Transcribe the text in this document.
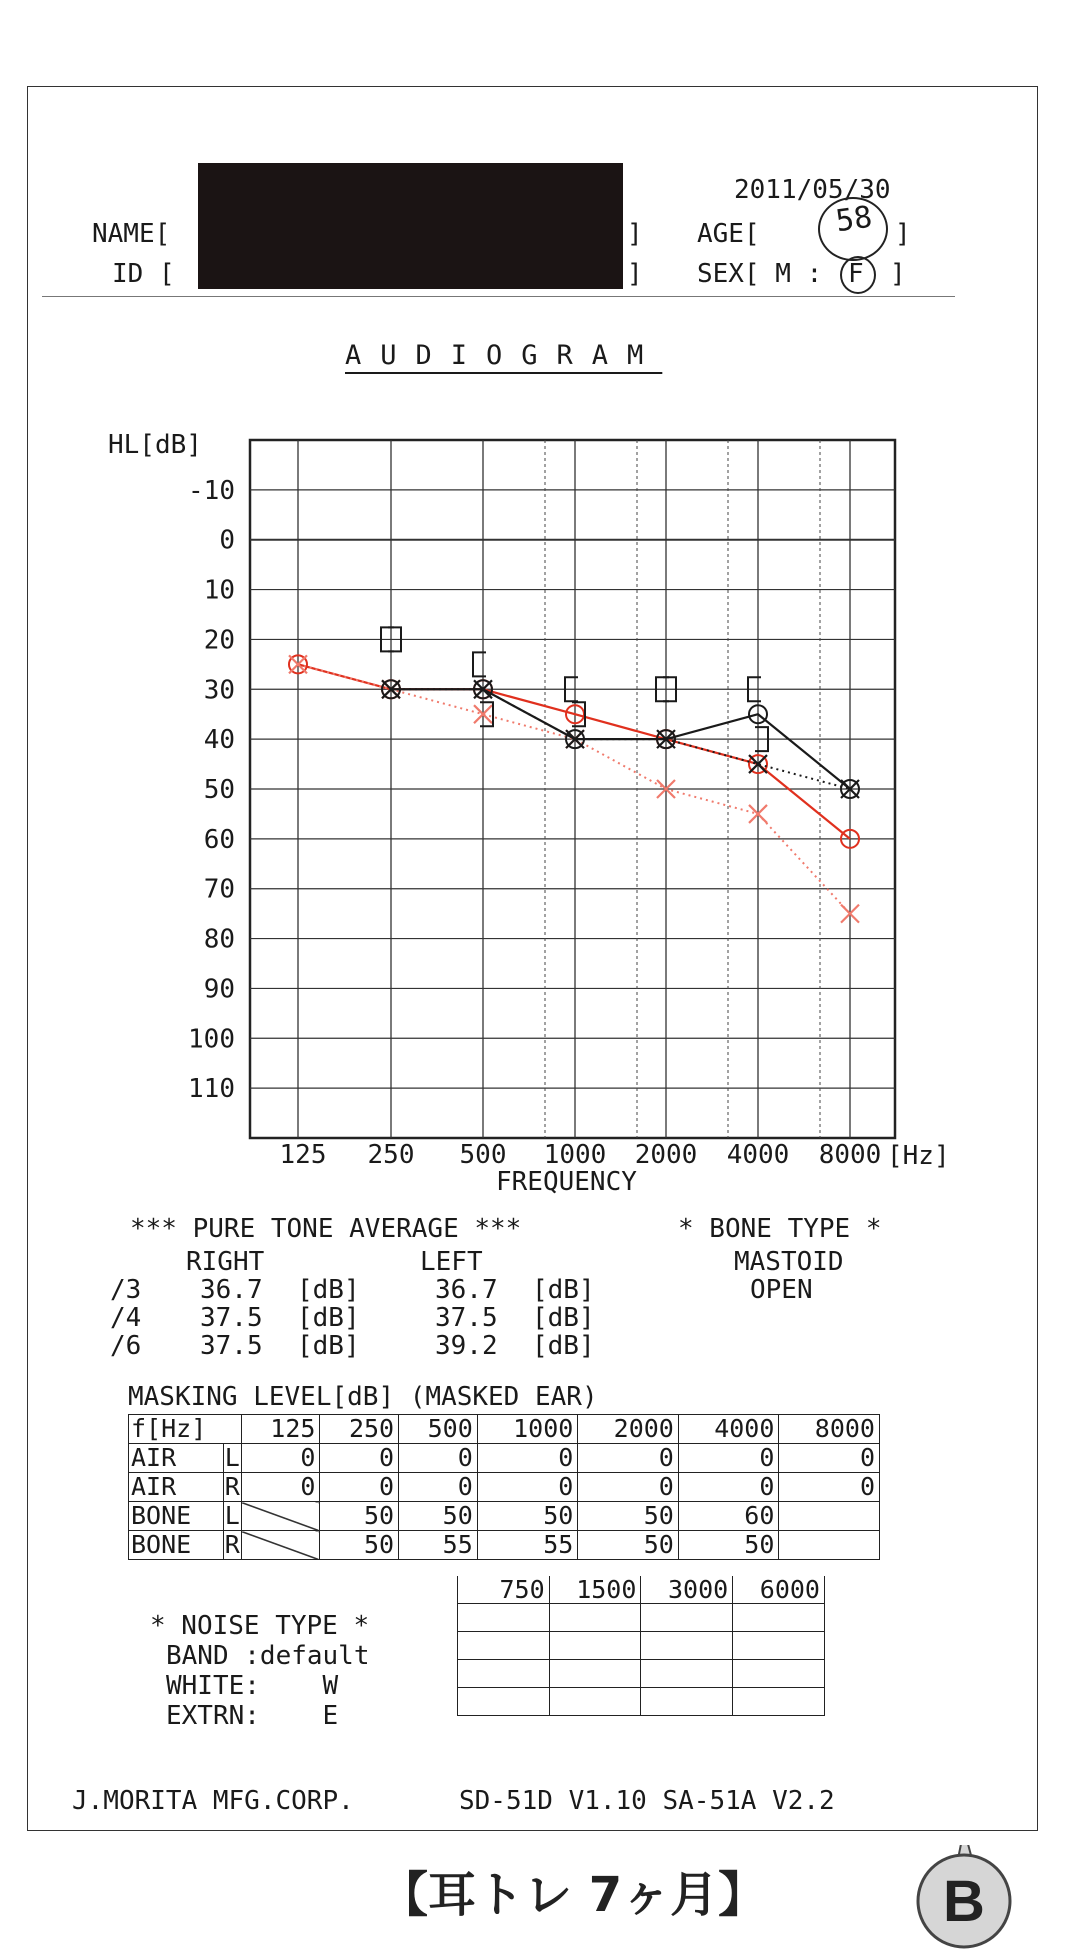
2011/05/30
NAME[	]
ID [	]
AGE[ 58 ]
SEX[ M : F ]
AUDIOGRAM
HL[dB]
-10
0
10
20
30
40
50
60
70
80
90
100
110
125 250 500 1000 2000 4000 8000
FREQUENCY
[Hz]
*** PURE TONE AVERAGE ***
RIGHT	LEFT
/3 36.7 [dB]	36.7 [dB]
/4 37.5 [dB]	37.5 [dB]
/6 37.5 [dB]	39.2 [dB]
* BONE TYPE *
MASTOID
OPEN
MASKING LEVEL[dB] (MASKED EAR)
f[Hz]		125	250	500	1000	2000	4000	8000
AIR	L	0	0	0	0	0	0	0
AIR	R	0	0	0	0	0	0	0
BONE	L		50	50	50	50	60	
BONE	R		50	55	55	50	50	
750	1500	3000	6000

* NOISE TYPE *
BAND :default
WHITE:    W
EXTRN:    E
J.MORITA MFG.CORP.	SD-51D V1.10 SA-51A V2.2
【耳トレ 7ヶ月】	B
